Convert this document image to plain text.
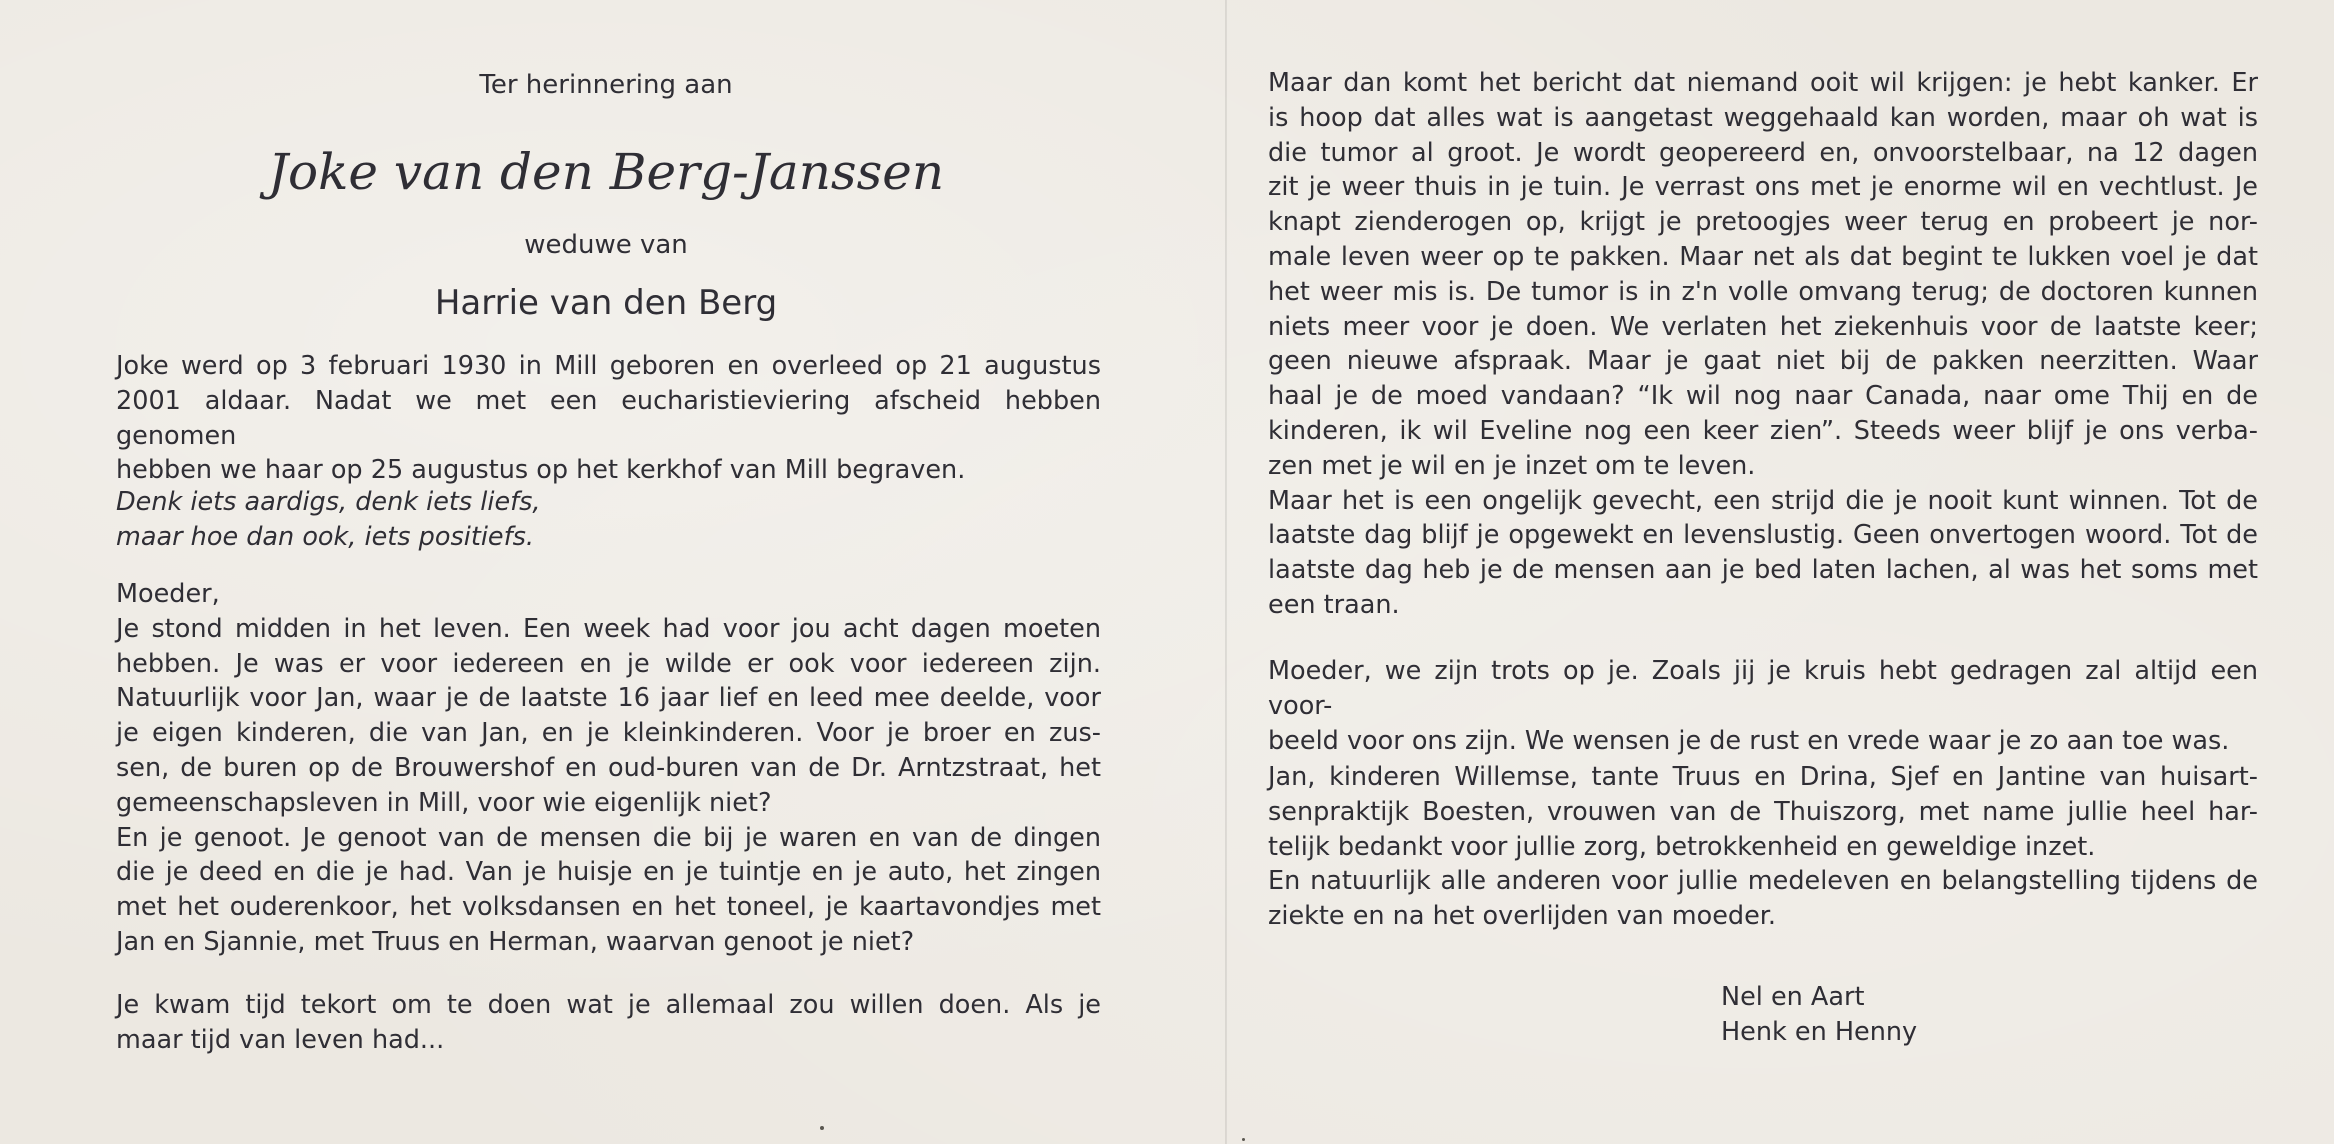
Ter herinnering aan
Joke van den Berg-Janssen
weduwe van
Harrie van den Berg
Joke werd op 3 februari 1930 in Mill geboren en overleed op 21 augustus
2001 aldaar. Nadat we met een eucharistieviering afscheid hebben genomen
hebben we haar op 25 augustus op het kerkhof van Mill begraven.
Denk iets aardigs, denk iets liefs,
maar hoe dan ook, iets positiefs.
Moeder,
Je stond midden in het leven. Een week had voor jou acht dagen moeten
hebben. Je was er voor iedereen en je wilde er ook voor iedereen zijn.
Natuurlijk voor Jan, waar je de laatste 16 jaar lief en leed mee deelde, voor
je eigen kinderen, die van Jan, en je kleinkinderen. Voor je broer en zus-
sen, de buren op de Brouwershof en oud-buren van de Dr. Arntzstraat, het
gemeenschapsleven in Mill, voor wie eigenlijk niet?
En je genoot. Je genoot van de mensen die bij je waren en van de dingen
die je deed en die je had. Van je huisje en je tuintje en je auto, het zingen
met het ouderenkoor, het volksdansen en het toneel, je kaartavondjes met
Jan en Sjannie, met Truus en Herman, waarvan genoot je niet?
Je kwam tijd tekort om te doen wat je allemaal zou willen doen. Als je
maar tijd van leven had...
Maar dan komt het bericht dat niemand ooit wil krijgen: je hebt kanker. Er
is hoop dat alles wat is aangetast weggehaald kan worden, maar oh wat is
die tumor al groot. Je wordt geopereerd en, onvoorstelbaar, na 12 dagen
zit je weer thuis in je tuin. Je verrast ons met je enorme wil en vechtlust. Je
knapt zienderogen op, krijgt je pretoogjes weer terug en probeert je nor-
male leven weer op te pakken. Maar net als dat begint te lukken voel je dat
het weer mis is. De tumor is in z'n volle omvang terug; de doctoren kunnen
niets meer voor je doen. We verlaten het ziekenhuis voor de laatste keer;
geen nieuwe afspraak. Maar je gaat niet bij de pakken neerzitten. Waar
haal je de moed vandaan? “Ik wil nog naar Canada, naar ome Thij en de
kinderen, ik wil Eveline nog een keer zien”. Steeds weer blijf je ons verba-
zen met je wil en je inzet om te leven.
Maar het is een ongelijk gevecht, een strijd die je nooit kunt winnen. Tot de
laatste dag blijf je opgewekt en levenslustig. Geen onvertogen woord. Tot de
laatste dag heb je de mensen aan je bed laten lachen, al was het soms met
een traan.
Moeder, we zijn trots op je. Zoals jij je kruis hebt gedragen zal altijd een voor-
beeld voor ons zijn. We wensen je de rust en vrede waar je zo aan toe was.
Jan, kinderen Willemse, tante Truus en Drina, Sjef en Jantine van huisart-
senpraktijk Boesten, vrouwen van de Thuiszorg, met name jullie heel har-
telijk bedankt voor jullie zorg, betrokkenheid en geweldige inzet.
En natuurlijk alle anderen voor jullie medeleven en belangstelling tijdens de
ziekte en na het overlijden van moeder.
Nel en Aart
Henk en Henny
